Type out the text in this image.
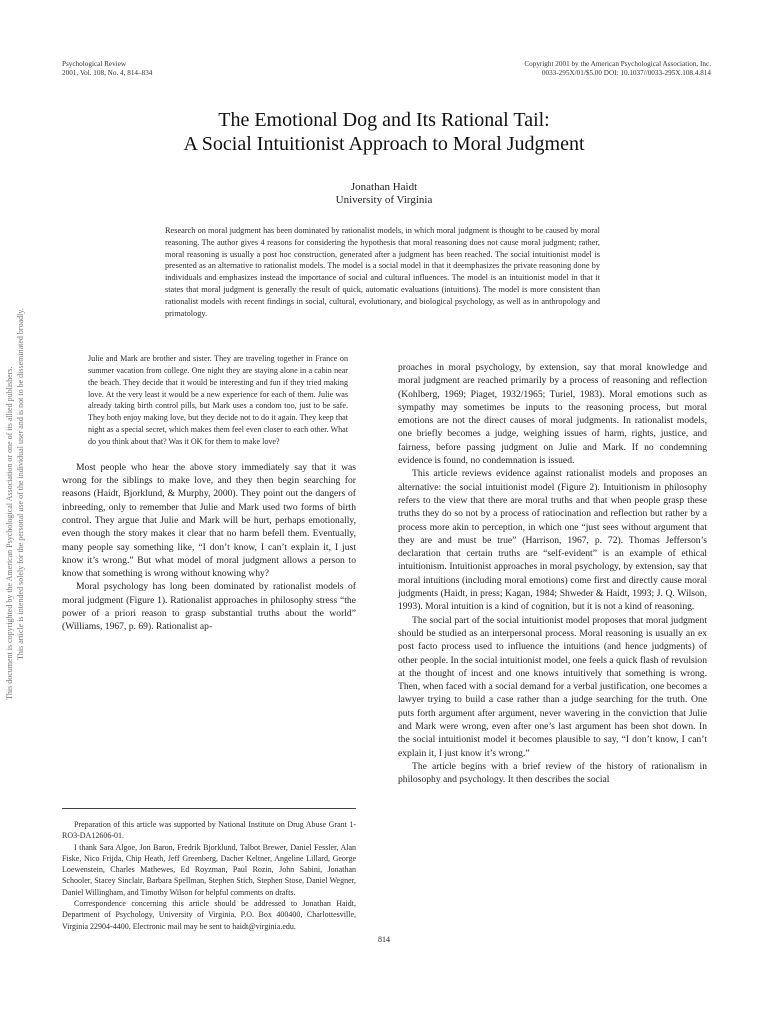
Psychological Review
2001, Vol. 108, No. 4, 814–834
Copyright 2001 by the American Psychological Association, Inc.
0033-295X/01/$5.00 DOI: 10.1037//0033-295X.108.4.814
The Emotional Dog and Its Rational Tail:
A Social Intuitionist Approach to Moral Judgment
Jonathan Haidt
University of Virginia
Research on moral judgment has been dominated by rationalist models, in which moral judgment is thought to be caused by moral reasoning. The author gives 4 reasons for considering the hypothesis that moral reasoning does not cause moral judgment; rather, moral reasoning is usually a post hoc construction, generated after a judgment has been reached. The social intuitionist model is presented as an alternative to rationalist models. The model is a social model in that it deemphasizes the private reasoning done by individuals and emphasizes instead the importance of social and cultural influences. The model is an intuitionist model in that it states that moral judgment is generally the result of quick, automatic evaluations (intuitions). The model is more consistent than rationalist models with recent findings in social, cultural, evolutionary, and biological psychology, as well as in anthropology and primatology.
This document is copyrighted by the American Psychological Association or one of its allied publishers. This article is intended solely for the personal use of the individual user and is not to be disseminated broadly.	Julie and Mark are brother and sister. They are traveling together in France on summer vacation from college. One night they are staying alone in a cabin near the beach. They decide that it would be interesting and fun if they tried making love. At the very least it would be a new experience for each of them. Julie was already taking birth control pills, but Mark uses a condom too, just to be safe. They both enjoy making love, but they decide not to do it again. They keep that night as a special secret, which makes them feel even closer to each other. What do you think about that? Was it OK for them to make love?

Most people who hear the above story immediately say that it was wrong for the siblings to make love, and they then begin searching for reasons (Haidt, Bjorklund, & Murphy, 2000). They point out the dangers of inbreeding, only to remember that Julie and Mark used two forms of birth control. They argue that Julie and Mark will be hurt, perhaps emotionally, even though the story makes it clear that no harm befell them. Eventually, many people say something like, “I don’t know, I can’t explain it, I just know it’s wrong.” But what model of moral judgment allows a person to know that something is wrong without knowing why?

Moral psychology has long been dominated by rationalist models of moral judgment (Figure 1). Rationalist approaches in philosophy stress “the power of a priori reason to grasp substantial truths about the world” (Williams, 1967, p. 69). Rationalist ap-

Preparation of this article was supported by National Institute on Drug Abuse Grant 1-RO3-DA12606-01.

I thank Sara Algoe, Jon Baron, Fredrik Bjorklund, Talbot Brewer, Daniel Fessler, Alan Fiske, Nico Frijda, Chip Heath, Jeff Greenberg, Dacher Keltner, Angeline Lillard, George Loewenstein, Charles Mathewes, Ed Royzman, Paul Rozin, John Sabini, Jonathan Schooler, Stacey Sinclair, Barbara Spellman, Stephen Stich, Stephen Stose, Daniel Wegner, Daniel Willingham, and Timothy Wilson for helpful comments on drafts.

Correspondence concerning this article should be addressed to Jonathan Haidt, Department of Psychology, University of Virginia, P.O. Box 400400, Charlottesville, Virginia 22904-4400. Electronic mail may be sent to haidt@virginia.edu.

proaches in moral psychology, by extension, say that moral knowledge and moral judgment are reached primarily by a process of reasoning and reflection (Kohlberg, 1969; Piaget, 1932/1965; Turiel, 1983). Moral emotions such as sympathy may sometimes be inputs to the reasoning process, but moral emotions are not the direct causes of moral judgments. In rationalist models, one briefly becomes a judge, weighing issues of harm, rights, justice, and fairness, before passing judgment on Julie and Mark. If no condemning evidence is found, no condemnation is issued.

This article reviews evidence against rationalist models and proposes an alternative: the social intuitionist model (Figure 2). Intuitionism in philosophy refers to the view that there are moral truths and that when people grasp these truths they do so not by a process of ratiocination and reflection but rather by a process more akin to perception, in which one “just sees without argument that they are and must be true” (Harrison, 1967, p. 72). Thomas Jefferson’s declaration that certain truths are “self-evident” is an example of ethical intuitionism. Intuitionist approaches in moral psychology, by extension, say that moral intuitions (including moral emotions) come first and directly cause moral judgments (Haidt, in press; Kagan, 1984; Shweder & Haidt, 1993; J. Q. Wilson, 1993). Moral intuition is a kind of cognition, but it is not a kind of reasoning.

The social part of the social intuitionist model proposes that moral judgment should be studied as an interpersonal process. Moral reasoning is usually an ex post facto process used to influence the intuitions (and hence judgments) of other people. In the social intuitionist model, one feels a quick flash of revulsion at the thought of incest and one knows intuitively that something is wrong. Then, when faced with a social demand for a verbal justification, one becomes a lawyer trying to build a case rather than a judge searching for the truth. One puts forth argument after argument, never wavering in the conviction that Julie and Mark were wrong, even after one’s last argument has been shot down. In the social intuitionist model it becomes plausible to say, “I don’t know, I can’t explain it, I just know it’s wrong.”

The article begins with a brief review of the history of rationalism in philosophy and psychology. It then describes the social

814
